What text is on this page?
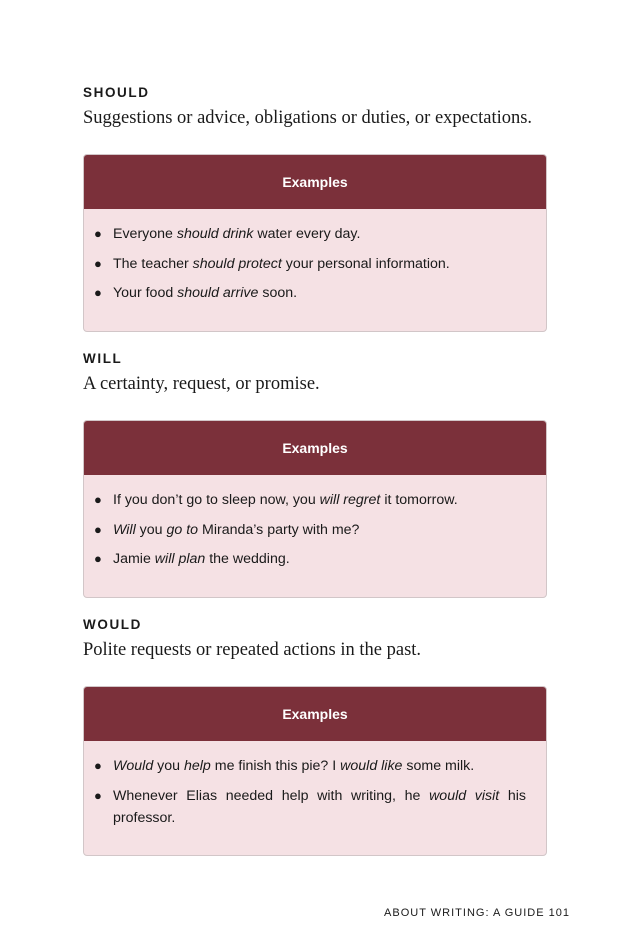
SHOULD

Suggestions or advice, obligations or duties, or expectations.

Examples
● Everyone should drink water every day.
● The teacher should protect your personal information.
● Your food should arrive soon.
WILL

A certainty, request, or promise.

Examples
● If you don’t go to sleep now, you will regret it tomorrow.
● Will you go to Miranda’s party with me?
● Jamie will plan the wedding.
WOULD

Polite requests or repeated actions in the past.

Examples
● Would you help me finish this pie? I would like some milk.
● Whenever Elias needed help with writing, he would visit his professor.
ABOUT WRITING: A GUIDE 101
